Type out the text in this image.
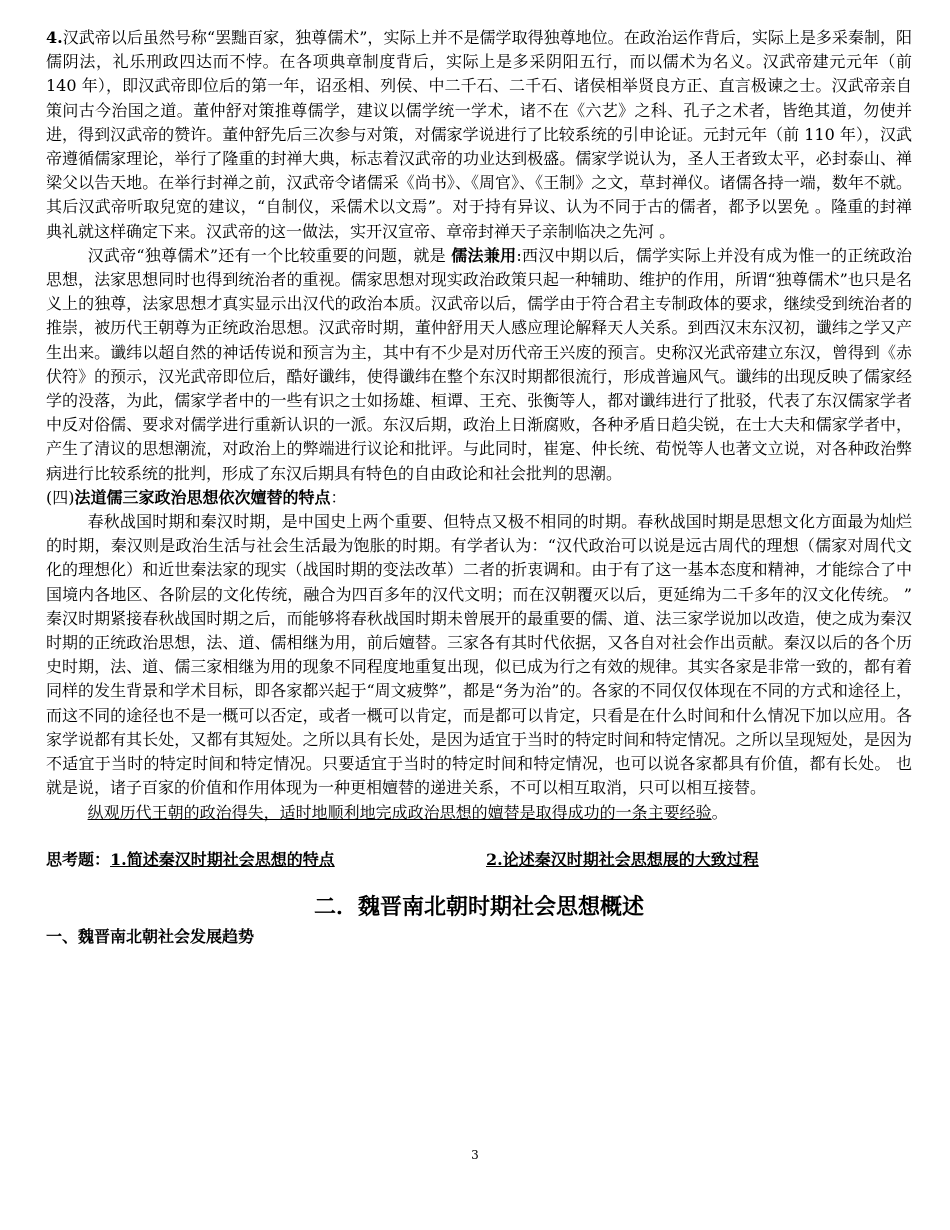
4.汉武帝以后虽然号称“罢黜百家，独尊儒术”，实际上并不是儒学取得独尊地位。在政治运作背后，实际上是多采秦制，阳儒阴法，礼乐刑政四达而不悖。在各项典章制度背后，实际上是多采阴阳五行，而以儒术为名义。汉武帝建元元年（前 140 年），即汉武帝即位后的第一年，诏丞相、列侯、中二千石、二千石、诸侯相举贤良方正、直言极谏之士。汉武帝亲自策问古今治国之道。董仲舒对策推尊儒学，建议以儒学统一学术，诸不在《六艺》之科、孔子之术者，皆绝其道，勿使并进，得到汉武帝的赞许。董仲舒先后三次参与对策，对儒家学说进行了比较系统的引申论证。元封元年（前 110 年），汉武帝遵循儒家理论，举行了隆重的封禅大典，标志着汉武帝的功业达到极盛。儒家学说认为，圣人王者致太平，必封泰山、禅梁父以告天地。在举行封禅之前，汉武帝令诸儒采《尚书》、《周官》、《王制》之文，草封禅仪。诸儒各持一端，数年不就。其后汉武帝听取兒宽的建议，“自制仪，采儒术以文焉”。对于持有异议、认为不同于古的儒者，都予以罢免 。隆重的封禅典礼就这样确定下来。汉武帝的这一做法，实开汉宣帝、章帝封禅天子亲制临决之先河 。

汉武帝“独尊儒术”还有一个比较重要的问题，就是 儒法兼用:西汉中期以后，儒学实际上并没有成为惟一的正统政治思想，法家思想同时也得到统治者的重视。儒家思想对现实政治政策只起一种辅助、维护的作用，所谓“独尊儒术”也只是名义上的独尊，法家思想才真实显示出汉代的政治本质。汉武帝以后，儒学由于符合君主专制政体的要求，继续受到统治者的推崇，被历代王朝尊为正统政治思想。汉武帝时期，董仲舒用天人感应理论解释天人关系。到西汉末东汉初，谶纬之学又产生出来。谶纬以超自然的神话传说和预言为主，其中有不少是对历代帝王兴废的预言。史称汉光武帝建立东汉，曾得到《赤伏符》的预示，汉光武帝即位后，酷好谶纬，使得谶纬在整个东汉时期都很流行，形成普遍风气。谶纬的出现反映了儒家经学的没落，为此，儒家学者中的一些有识之士如扬雄、桓谭、王充、张衡等人，都对谶纬进行了批驳，代表了东汉儒家学者中反对俗儒、要求对儒学进行重新认识的一派。东汉后期，政治上日渐腐败，各种矛盾日趋尖锐，在士大夫和儒家学者中，产生了清议的思想潮流，对政治上的弊端进行议论和批评。与此同时，崔寔、仲长统、荀悦等人也著文立说，对各种政治弊病进行比较系统的批判，形成了东汉后期具有特色的自由政论和社会批判的思潮。

(四)法道儒三家政治思想依次嬗替的特点：

春秋战国时期和秦汉时期，是中国史上两个重要、但特点又极不相同的时期。春秋战国时期是思想文化方面最为灿烂的时期，秦汉则是政治生活与社会生活最为饱胀的时期。有学者认为：“汉代政治可以说是远古周代的理想（儒家对周代文化的理想化）和近世秦法家的现实（战国时期的变法改革）二者的折衷调和。由于有了这一基本态度和精神，才能综合了中国境内各地区、各阶层的文化传统，融合为四百多年的汉代文明；而在汉朝覆灭以后，更延绵为二千多年的汉文化传统。 ” 秦汉时期紧接春秋战国时期之后，而能够将春秋战国时期未曾展开的最重要的儒、道、法三家学说加以改造，使之成为秦汉时期的正统政治思想，法、道、儒相继为用，前后嬗替。三家各有其时代依据，又各自对社会作出贡献。秦汉以后的各个历史时期，法、道、儒三家相继为用的现象不同程度地重复出现，似已成为行之有效的规律。其实各家是非常一致的，都有着同样的发生背景和学术目标，即各家都兴起于“周文疲弊”，都是“务为治”的。各家的不同仅仅体现在不同的方式和途径上，而这不同的途径也不是一概可以否定，或者一概可以肯定，而是都可以肯定，只看是在什么时间和什么情况下加以应用。各家学说都有其长处，又都有其短处。之所以具有长处，是因为适宜于当时的特定时间和特定情况。之所以呈现短处，是因为不适宜于当时的特定时间和特定情况。只要适宜于当时的特定时间和特定情况，也可以说各家都具有价值，都有长处。 也就是说，诸子百家的价值和作用体现为一种更相嬗替的递进关系，不可以相互取消，只可以相互接替。

纵观历代王朝的政治得失，适时地顺利地完成政治思想的嬗替是取得成功的一条主要经验。

思考题：1.简述秦汉时期社会思想的特点	2.论述秦汉时期社会思想展的大致过程
二．魏晋南北朝时期社会思想概述
一、魏晋南北朝社会发展趋势
3
